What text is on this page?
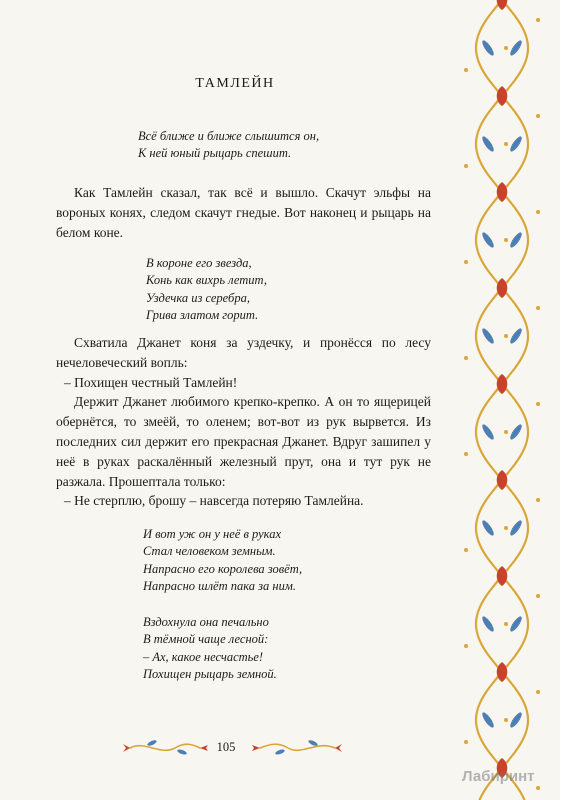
ТАМЛЕЙН
Всё ближе и ближе слышится он,
К ней юный рыцарь спешит.

Как Тамлейн сказал, так всё и вышло. Скачут эльфы на вороных конях, следом скачут гнедые. Вот наконец и рыцарь на белом коне.

В короне его звезда,
Конь как вихрь летит,
Уздечка из серебра,
Грива златом горит.

Схватила Джанет коня за уздечку, и пронёсся по лесу нечеловеческий вопль:

– Похищен честный Тамлейн!

Держит Джанет любимого крепко-крепко. А он то ящерицей обернётся, то змеёй, то оленем; вот-вот из рук вырвется. Из последних сил держит его прекрасная Джанет. Вдруг зашипел у неё в руках раскалённый железный прут, она и тут рук не разжала. Прошептала только:

– Не стерплю, брошу – навсегда потеряю Тамлейна.

И вот уж он у неё в руках
Стал человеком земным.
Напрасно его королева зовёт,
Напрасно шлёт пака за ним.
Вздохнула она печально
В тёмной чаще лесной:
– Ах, какое несчастье!
Похищен рыцарь земной.
105
Лабиринт
